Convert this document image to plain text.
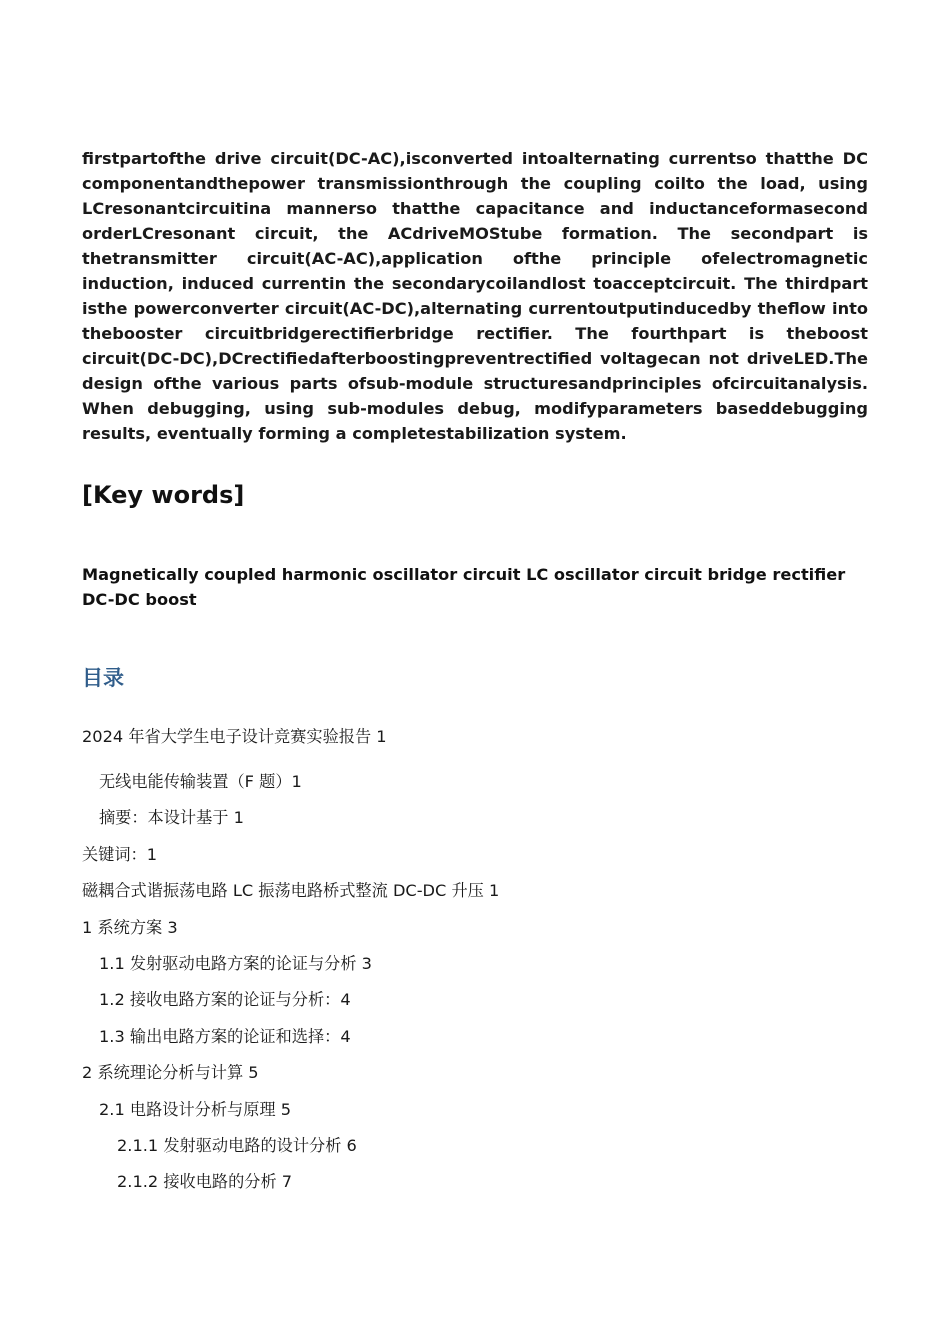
firstpartofthe drive circuit(DC-AC),isconverted intoalternating currentso thatthe DC componentandthepower transmissionthrough the coupling coilto the load, using LCresonantcircuitina mannerso thatthe capacitance and inductanceformasecond orderLCresonant circuit, the ACdriveMOStube formation. The secondpart is thetransmitter circuit(AC-AC),application ofthe principle ofelectromagnetic induction, induced currentin the secondarycoilandlost toacceptcircuit. The thirdpart isthe powerconverter circuit(AC-DC),alternating currentoutputinducedby theflow into thebooster circuitbridgerectifierbridge rectifier. The fourthpart is theboost circuit(DC-DC),DCrectifiedafterboostingpreventrectified voltagecan not driveLED.The design ofthe various parts ofsub-module structuresandprinciples ofcircuitanalysis. When debugging, using sub-modules debug, modifyparameters baseddebugging results, eventually forming a completestabilization system.

[Key words]

Magnetically coupled harmonic oscillator circuit LC oscillator circuit bridge rectifier DC-DC boost

目录
2024 年省大学生电子设计竞赛实验报告 1
无线电能传输装置（F 题）1
摘要：本设计基于 1
关键词：1
磁耦合式谐振荡电路 LC 振荡电路桥式整流 DC-DC 升压 1
1 系统方案 3
1.1 发射驱动电路方案的论证与分析 3
1.2 接收电路方案的论证与分析：4
1.3 输出电路方案的论证和选择：4
2 系统理论分析与计算 5
2.1 电路设计分析与原理 5
2.1.1 发射驱动电路的设计分析 6
2.1.2 接收电路的分析 7
